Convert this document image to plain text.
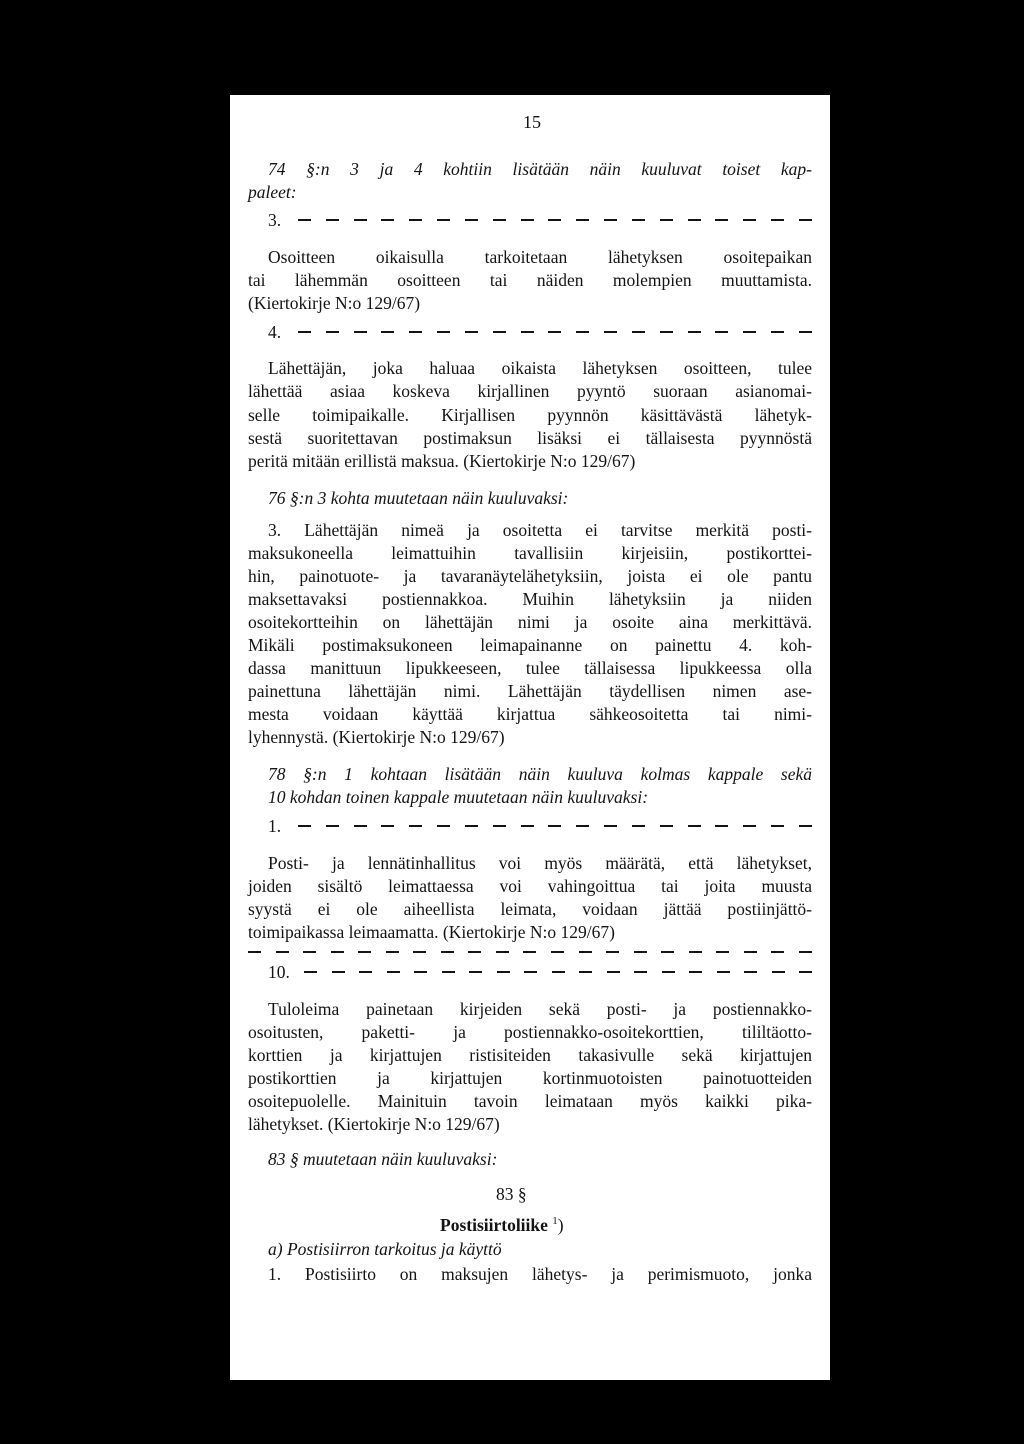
15
74 §:n 3 ja 4 kohtiin lisätään näin kuuluvat toiset kap-
paleet:
3.
Osoitteen oikaisulla tarkoitetaan lähetyksen osoitepaikan
tai lähemmän osoitteen tai näiden molempien muuttamista.
(Kiertokirje N:o 129/67)
4.
Lähettäjän, joka haluaa oikaista lähetyksen osoitteen, tulee
lähettää asiaa koskeva kirjallinen pyyntö suoraan asianomai-
selle toimipaikalle. Kirjallisen pyynnön käsittävästä lähetyk-
sestä suoritettavan postimaksun lisäksi ei tällaisesta pyynnöstä
peritä mitään erillistä maksua. (Kiertokirje N:o 129/67)
76 §:n 3 kohta muutetaan näin kuuluvaksi:
3. Lähettäjän nimeä ja osoitetta ei tarvitse merkitä posti-
maksukoneella leimattuihin tavallisiin kirjeisiin, postikorttei-
hin, painotuote- ja tavaranäytelähetyksiin, joista ei ole pantu
maksettavaksi postiennakkoa. Muihin lähetyksiin ja niiden
osoitekortteihin on lähettäjän nimi ja osoite aina merkittävä.
Mikäli postimaksukoneen leimapainanne on painettu 4. koh-
dassa manittuun lipukkeeseen, tulee tällaisessa lipukkeessa olla
painettuna lähettäjän nimi. Lähettäjän täydellisen nimen ase-
mesta voidaan käyttää kirjattua sähkeosoitetta tai nimi-
lyhennystä. (Kiertokirje N:o 129/67)
78 §:n 1 kohtaan lisätään näin kuuluva kolmas kappale sekä
10 kohdan toinen kappale muutetaan näin kuuluvaksi:
1.
Posti- ja lennätinhallitus voi myös määrätä, että lähetykset,
joiden sisältö leimattaessa voi vahingoittua tai joita muusta
syystä ei ole aiheellista leimata, voidaan jättää postiinjättö-
toimipaikassa leimaamatta. (Kiertokirje N:o 129/67)
10.
Tuloleima painetaan kirjeiden sekä posti- ja postiennakko-
osoitusten, paketti- ja postiennakko-osoitekorttien, tililtäotto-
korttien ja kirjattujen ristisiteiden takasivulle sekä kirjattujen
postikorttien ja kirjattujen kortinmuotoisten painotuotteiden
osoitepuolelle. Mainituin tavoin leimataan myös kaikki pika-
lähetykset. (Kiertokirje N:o 129/67)
83 § muutetaan näin kuuluvaksi:
83 §
Postisiirtoliike $^1$)
a) Postisiirron tarkoitus ja käyttö
1. Postisiirto on maksujen lähetys- ja perimismuoto, jonka
